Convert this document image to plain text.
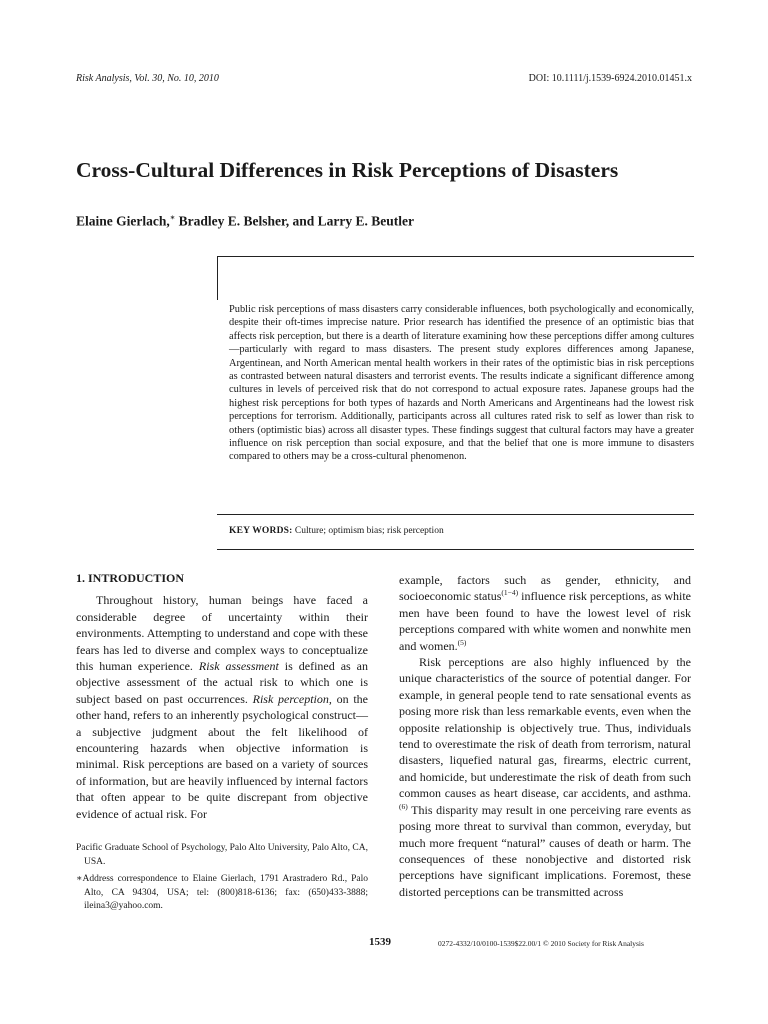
Risk Analysis, Vol. 30, No. 10, 2010	DOI: 10.1111/j.1539-6924.2010.01451.x
Cross-Cultural Differences in Risk Perceptions of Disasters

Elaine Gierlach,∗ Bradley E. Belsher, and Larry E. Beutler

Public risk perceptions of mass disasters carry considerable influences, both psychologically and economically, despite their oft-times imprecise nature. Prior research has identified the presence of an optimistic bias that affects risk perception, but there is a dearth of literature examining how these perceptions differ among cultures—particularly with regard to mass disasters. The present study explores differences among Japanese, Argentinean, and North American mental health workers in their rates of the optimistic bias in risk perceptions as contrasted between natural disasters and terrorist events. The results indicate a significant difference among cultures in levels of perceived risk that do not correspond to actual exposure rates. Japanese groups had the highest risk perceptions for both types of hazards and North Americans and Argentineans had the lowest risk perceptions for terrorism. Additionally, participants across all cultures rated risk to self as lower than risk to others (optimistic bias) across all disaster types. These findings suggest that cultural factors may have a greater influence on risk perception than social exposure, and that the belief that one is more immune to disasters compared to others may be a cross-cultural phenomenon.

KEY WORDS: Culture; optimism bias; risk perception

1. INTRODUCTION

Throughout history, human beings have faced a considerable degree of uncertainty within their environments. Attempting to understand and cope with these fears has led to diverse and complex ways to conceptualize this human experience. Risk assessment is defined as an objective assessment of the actual risk to which one is subject based on past occurrences. Risk perception, on the other hand, refers to an inherently psychological construct—a subjective judgment about the felt likelihood of encountering hazards when objective information is minimal. Risk perceptions are based on a variety of sources of information, but are heavily influenced by internal factors that often appear to be quite discrepant from objective evidence of actual risk. For

Pacific Graduate School of Psychology, Palo Alto University, Palo Alto, CA, USA.

∗Address correspondence to Elaine Gierlach, 1791 Arastradero Rd., Palo Alto, CA 94304, USA; tel: (800)818-6136; fax: (650)433-3888; ileina3@yahoo.com.

example, factors such as gender, ethnicity, and socioeconomic status$^{(1-4)}$ influence risk perceptions, as white men have been found to have the lowest level of risk perceptions compared with white women and nonwhite men and women.$^{(5)}$

Risk perceptions are also highly influenced by the unique characteristics of the source of potential danger. For example, in general people tend to rate sensational events as posing more risk than less remarkable events, even when the opposite relationship is objectively true. Thus, individuals tend to overestimate the risk of death from terrorism, natural disasters, liquefied natural gas, firearms, electric current, and homicide, but underestimate the risk of death from such common causes as heart disease, car accidents, and asthma.$^{(6)}$ This disparity may result in one perceiving rare events as posing more threat to survival than common, everyday, but much more frequent “natural” causes of death or harm. The consequences of these nonobjective and distorted risk perceptions have significant implications. Foremost, these distorted perceptions can be transmitted across

1539	0272-4332/10/0100-1539$22.00/1 © 2010 Society for Risk Analysis
